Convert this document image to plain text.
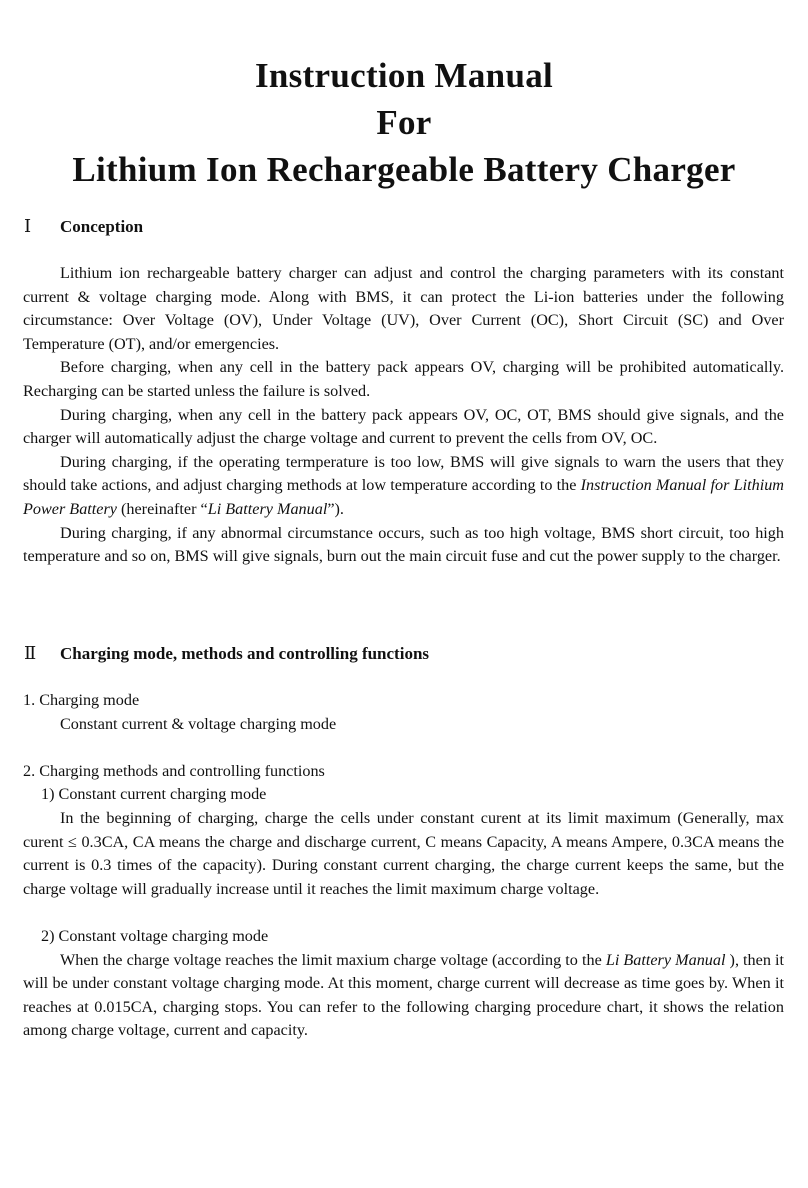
Instruction Manual

For

Lithium Ion Rechargeable Battery Charger

Ⅰ Conception

Lithium ion rechargeable battery charger can adjust and control the charging parameters with its constant current & voltage charging mode. Along with BMS, it can protect the Li-ion batteries under the following circumstance: Over Voltage (OV), Under Voltage (UV), Over Current (OC), Short Circuit (SC) and Over Temperature (OT), and/or emergencies.

Before charging, when any cell in the battery pack appears OV, charging will be prohibited automatically. Recharging can be started unless the failure is solved.

During charging, when any cell in the battery pack appears OV, OC, OT, BMS should give signals, and the charger will automatically adjust the charge voltage and current to prevent the cells from OV, OC.

During charging, if the operating termperature is too low, BMS will give signals to warn the users that they should take actions, and adjust charging methods at low temperature according to the Instruction Manual for Lithium Power Battery (hereinafter “Li Battery Manual”).

During charging, if any abnormal circumstance occurs, such as too high voltage, BMS short circuit, too high temperature and so on, BMS will give signals, burn out the main circuit fuse and cut the power supply to the charger.

Ⅱ Charging mode, methods and controlling functions

1. Charging mode

Constant current & voltage charging mode

2. Charging methods and controlling functions

1) Constant current charging mode

In the beginning of charging, charge the cells under constant curent at its limit maximum (Generally, max curent ≤ 0.3CA, CA means the charge and discharge current, C means Capacity, A means Ampere, 0.3CA means the current is 0.3 times of the capacity). During constant current charging, the charge current keeps the same, but the charge voltage will gradually increase until it reaches the limit maximum charge voltage.

2) Constant voltage charging mode

When the charge voltage reaches the limit maxium charge voltage (according to the Li Battery Manual ), then it will be under constant voltage charging mode. At this moment, charge current will decrease as time goes by. When it reaches at 0.015CA, charging stops. You can refer to the following charging procedure chart, it shows the relation among charge voltage, current and capacity.
